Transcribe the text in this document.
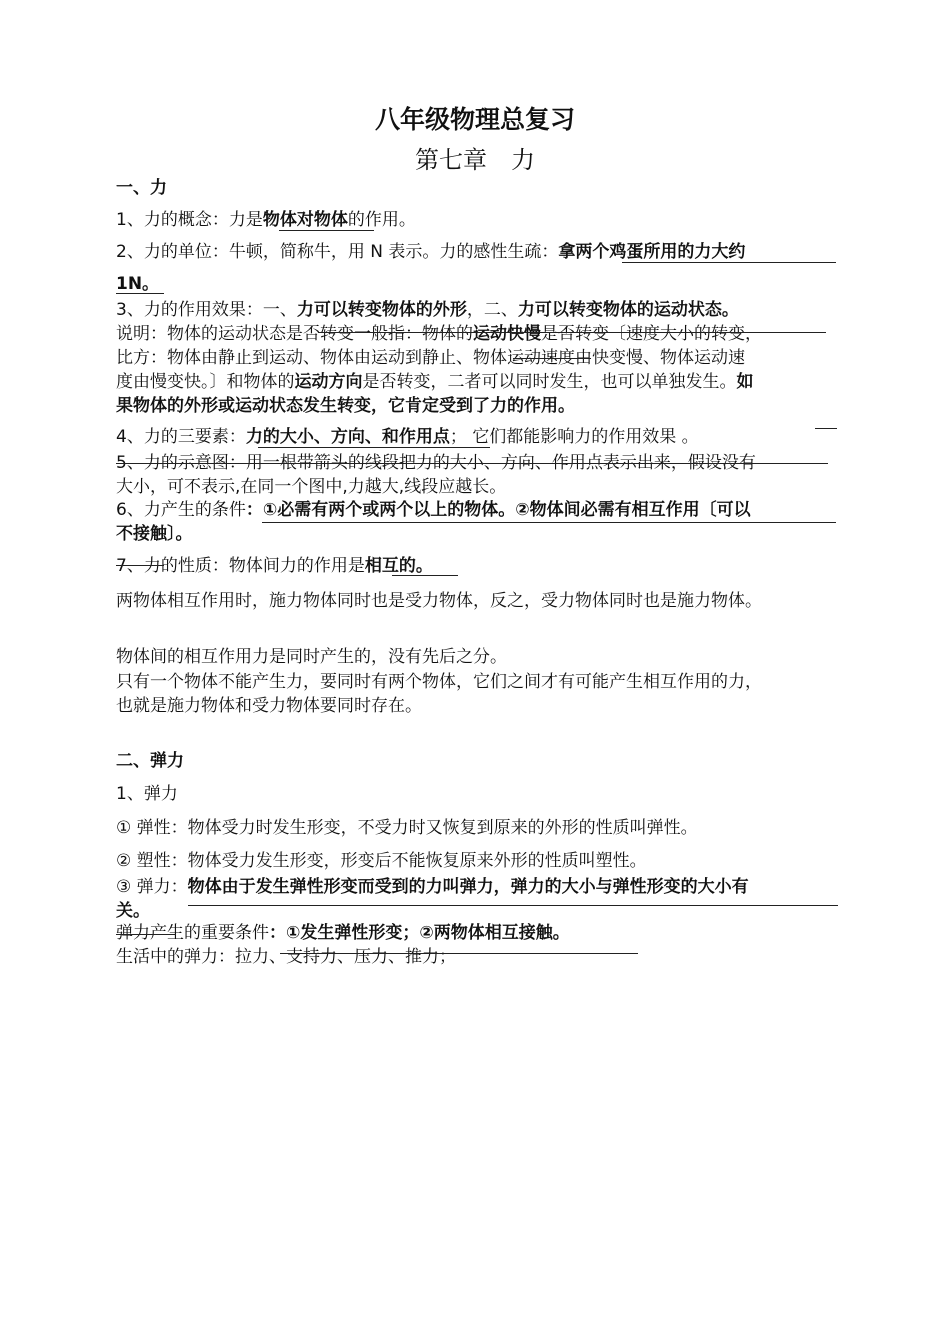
八年级物理总复习
第七章　力
一、力
1、力的概念：力是物体对物体的作用。
2、力的单位：牛顿，简称牛，用 N 表示。力的感性生疏：拿两个鸡蛋所用的力大约
1N。
3、力的作用效果：一、力可以转变物体的外形，二、力可以转变物体的运动状态。
说明：物体的运动状态是否转变一般指：物体的运动快慢是否转变〔速度大小的转变，
比方：物体由静止到运动、物体由运动到静止、物体运动速度由快变慢、物体运动速
度由慢变快。〕和物体的运动方向是否转变，二者可以同时发生，也可以单独发生。如
果物体的外形或运动状态发生转变，它肯定受到了力的作用。
4、力的三要素：力的大小、方向、和作用点； 它们都能影响力的作用效果 。
5、力的示意图：用一根带箭头的线段把力的大小、方向、作用点表示出来，假设没有
大小，可不表示,在同一个图中,力越大,线段应越长。
6、力产生的条件：①必需有两个或两个以上的物体。②物体间必需有相互作用〔可以
不接触〕。
7、力的性质：物体间力的作用是相互的。
两物体相互作用时，施力物体同时也是受力物体，反之，受力物体同时也是施力物体。
物体间的相互作用力是同时产生的，没有先后之分。
只有一个物体不能产生力，要同时有两个物体，它们之间才有可能产生相互作用的力，
也就是施力物体和受力物体要同时存在。
二、弹力
1、弹力
① 弹性：物体受力时发生形变，不受力时又恢复到原来的外形的性质叫弹性。
② 塑性：物体受力发生形变，形变后不能恢复原来外形的性质叫塑性。
③ 弹力：物体由于发生弹性形变而受到的力叫弹力，弹力的大小与弹性形变的大小有
关。
弹力产生的重要条件：①发生弹性形变；②两物体相互接触。
生活中的弹力：拉力、支持力、压力、推力；
